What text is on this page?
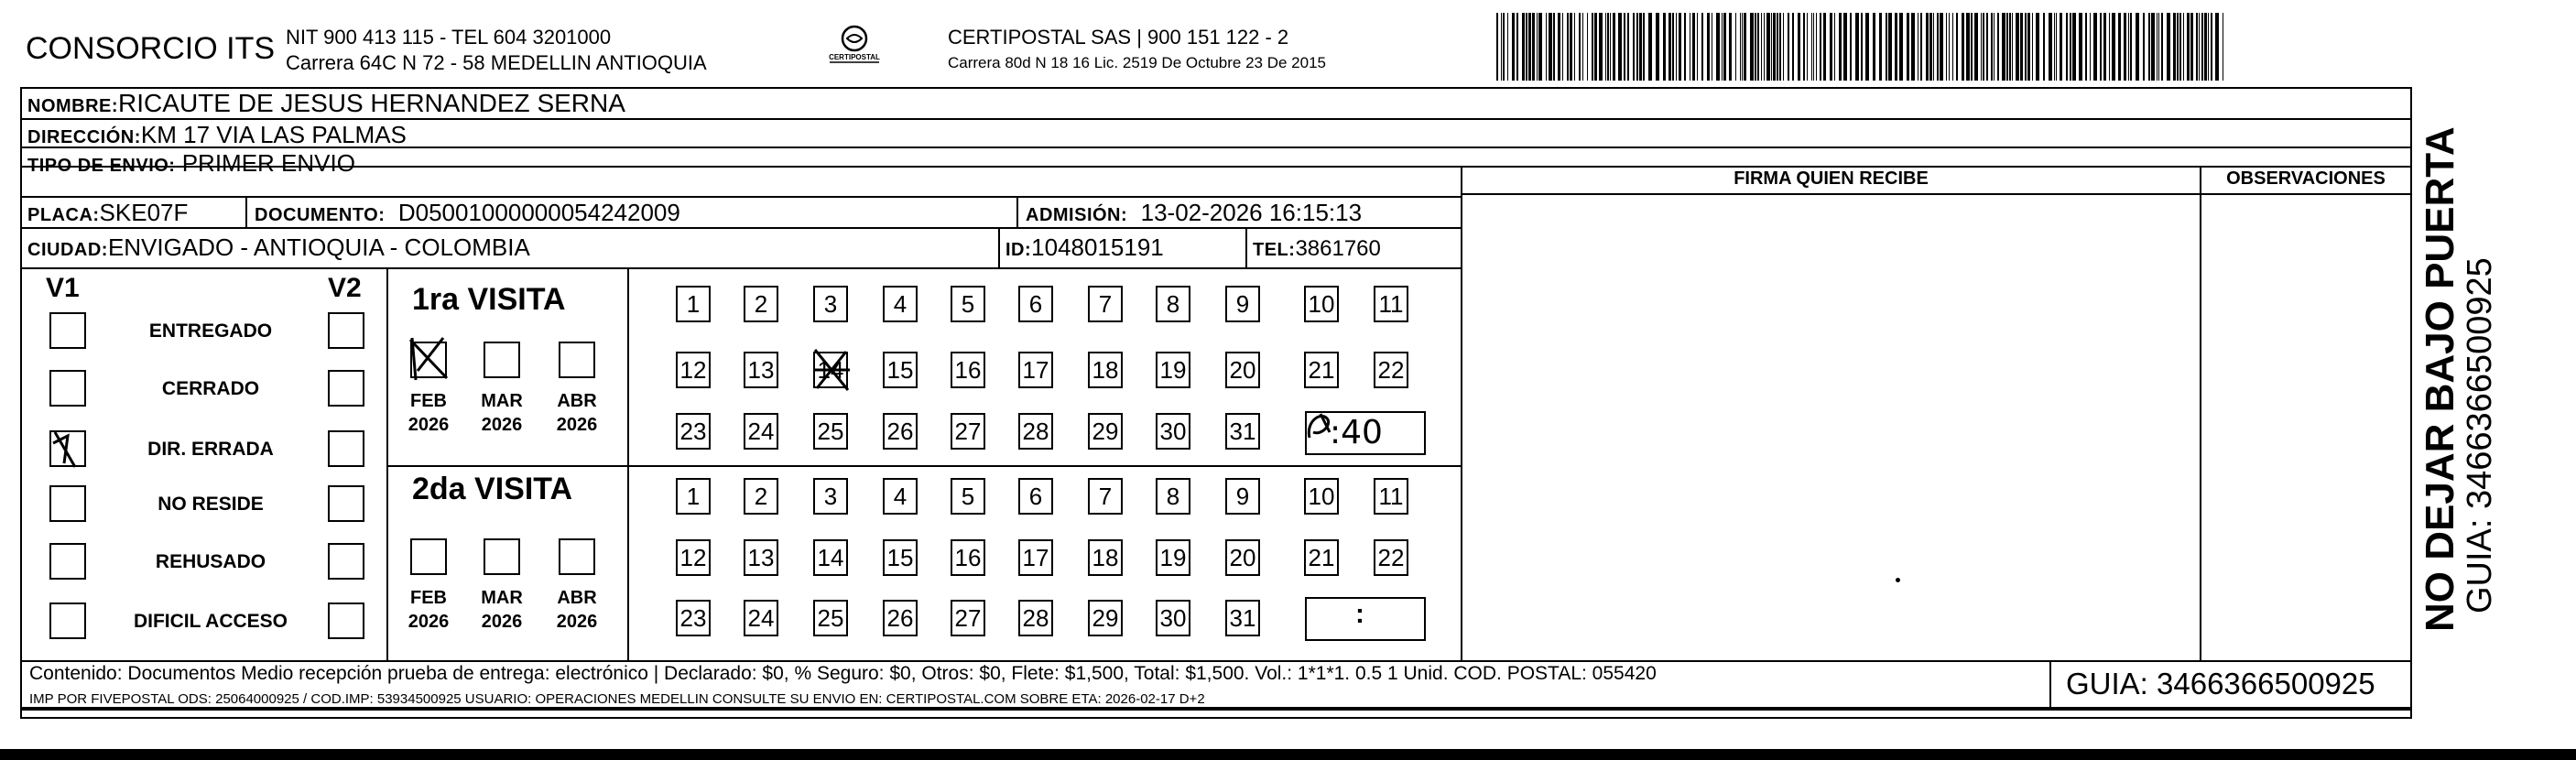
CONSORCIO ITS NIT 900 413 115 - TEL 604 3201000
Carrera 64C N 72 - 58 MEDELLIN ANTIOQUIA	CERTIPOSTAL
CERTIPOSTAL SAS | 900 151 122 - 2
Carrera 80d N 18 16 Lic. 2519 De Octubre 23 De 2015
FIRMA QUIEN RECIBE	OBSERVACIONES
NOMBRE:RICAUTE DE JESUS HERNANDEZ SERNA
DIRECCIÓN:KM 17 VIA LAS PALMAS
TIPO DE ENVIO: PRIMER ENVIO
PLACA:SKE07F	DOCUMENTO: D05001000000054242009	ADMISIÓN: 13-02-2026 16:15:13
CIUDAD:ENVIGADO - ANTIOQUIA - COLOMBIA	ID:1048015191	TEL:3861760
V1	V2
ENTREGADO
CERRADO
DIR. ERRADA
NO RESIDE
REHUSADO
DIFICIL ACCESO
1ra VISITA
FEB
2026
MAR
2026
ABR
2026
1	2	3	4	5	6	7	8	9	10 11
12 13 14 15 16 17 18 19 20 21 22
23 24 25 26 27 28 29 30 31 :40
2da VISITA
FEB
2026
MAR
2026
ABR
2026
1	2	3	4	5	6	7	8	9	10 11
12 13 14 15 16 17 18 19 20 21 22
23 24 25 26 27 28 29 30 31	:
Contenido: Documentos Medio recepción prueba de entrega: electrónico | Declarado: $0, % Seguro: $0, Otros: $0, Flete: $1,500, Total: $1,500. Vol.: 1*1*1. 0.5 1 Unid. COD. POSTAL: 055420
IMP POR FIVEPOSTAL ODS: 25064000925 / COD.IMP: 53934500925 USUARIO: OPERACIONES MEDELLIN CONSULTE SU ENVIO EN: CERTIPOSTAL.COM SOBRE ETA: 2026-02-17 D+2	GUIA: 3466366500925
NO DEJAR BAJO PUERTA
GUIA: 3466366500925
